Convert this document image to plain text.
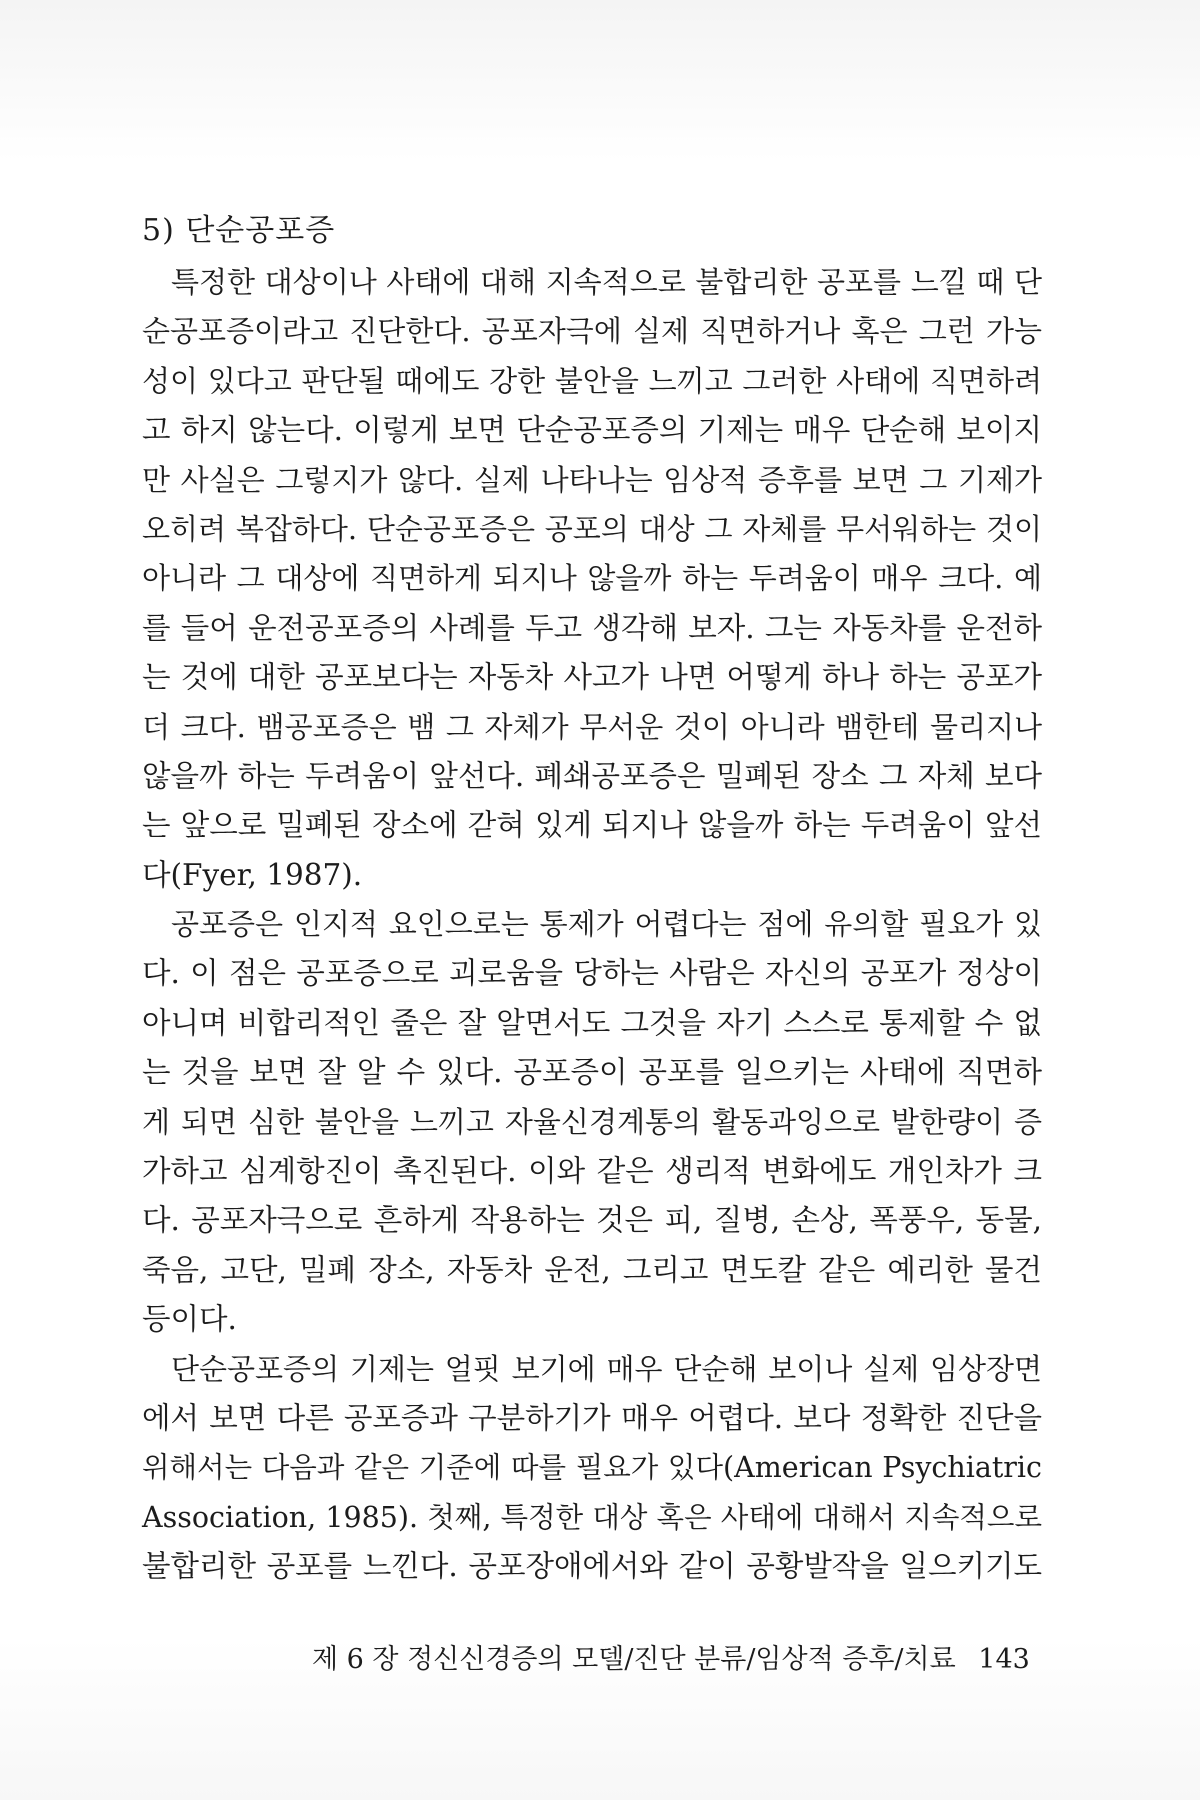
5) 단순공포증
특정한 대상이나 사태에 대해 지속적으로 불합리한 공포를 느낄 때 단
순공포증이라고 진단한다. 공포자극에 실제 직면하거나 혹은 그런 가능
성이 있다고 판단될 때에도 강한 불안을 느끼고 그러한 사태에 직면하려
고 하지 않는다. 이렇게 보면 단순공포증의 기제는 매우 단순해 보이지
만 사실은 그렇지가 않다. 실제 나타나는 임상적 증후를 보면 그 기제가
오히려 복잡하다. 단순공포증은 공포의 대상 그 자체를 무서워하는 것이
아니라 그 대상에 직면하게 되지나 않을까 하는 두려움이 매우 크다. 예
를 들어 운전공포증의 사례를 두고 생각해 보자. 그는 자동차를 운전하
는 것에 대한 공포보다는 자동차 사고가 나면 어떻게 하나 하는 공포가
더 크다. 뱀공포증은 뱀 그 자체가 무서운 것이 아니라 뱀한테 물리지나
않을까 하는 두려움이 앞선다. 폐쇄공포증은 밀폐된 장소 그 자체 보다
는 앞으로 밀폐된 장소에 갇혀 있게 되지나 않을까 하는 두려움이 앞선
다(Fyer, 1987).
공포증은 인지적 요인으로는 통제가 어렵다는 점에 유의할 필요가 있
다. 이 점은 공포증으로 괴로움을 당하는 사람은 자신의 공포가 정상이
아니며 비합리적인 줄은 잘 알면서도 그것을 자기 스스로 통제할 수 없
는 것을 보면 잘 알 수 있다. 공포증이 공포를 일으키는 사태에 직면하
게 되면 심한 불안을 느끼고 자율신경계통의 활동과잉으로 발한량이 증
가하고 심계항진이 촉진된다. 이와 같은 생리적 변화에도 개인차가 크
다. 공포자극으로 흔하게 작용하는 것은 피, 질병, 손상, 폭풍우, 동물,
죽음, 고단, 밀폐 장소, 자동차 운전, 그리고 면도칼 같은 예리한 물건
등이다.
단순공포증의 기제는 얼핏 보기에 매우 단순해 보이나 실제 임상장면
에서 보면 다른 공포증과 구분하기가 매우 어렵다. 보다 정확한 진단을
위해서는 다음과 같은 기준에 따를 필요가 있다(American Psychiatric
Association, 1985). 첫째, 특정한 대상 혹은 사태에 대해서 지속적으로
불합리한 공포를 느낀다. 공포장애에서와 같이 공황발작을 일으키기도
제 6 장 정신신경증의 모델/진단 분류/임상적 증후/치료 143
